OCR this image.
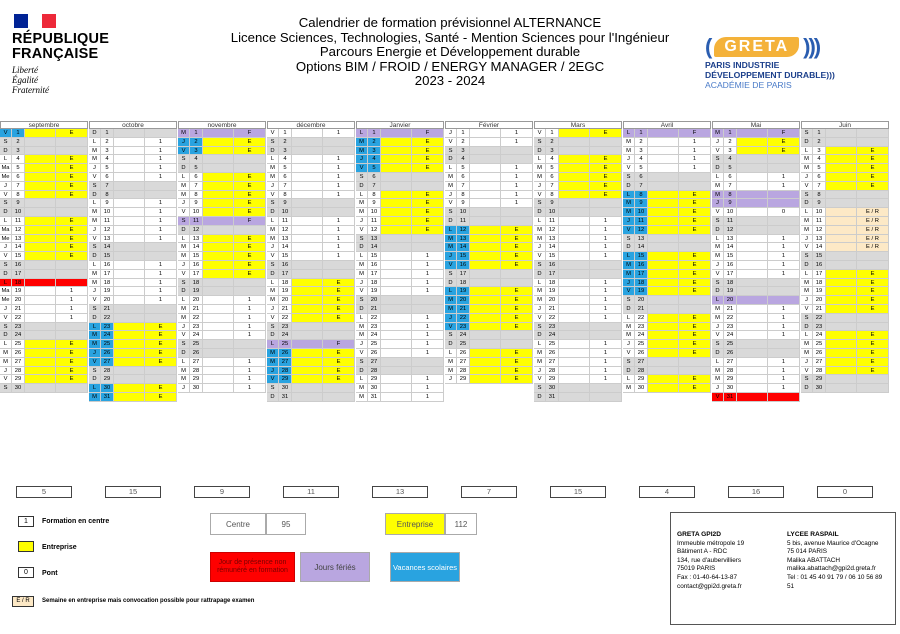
RÉPUBLIQUE
FRANÇAISE
Liberté
Égalité
Fraternité
Calendrier de formation prévisionnel ALTERNANCE
Licence Sciences, Technologies, Santé - Mention Sciences pour l'Ingénieur
Parcours Energie et Développement durable
Options BIM / FROID / ENERGY MANAGER / 2EGC
2023 - 2024
( GRETA )))
PARIS INDUSTRIE
DÉVELOPPEMENT DURABLE)))
ACADÉMIE DE PARIS
septembre
V	1	E
S	2
D	3
L	4	E
Ma	5	E
Me	6	E
J	7	E
V	8	E
S	9
D	10
L	11	E
Ma 12	E
Me 13	E
J	14	E
V	15	E
S	16
D	17
L	18
Ma 19	1
Me 20	1
J	21	1
V	22	1
S	23
D	24
L	25	E
M	26	E
M	27	E
J	28	E
V	29	E
S	30
octobre
D	1
L	2	1
M	3	1
M	4	1
J	5	1
V	6	1
S	7
D	8
L	9	1
M	10	1
M	11	1
J	12	1
V	13	1
S	14
D	15
L	16	1
M	17	1
M	18	1
J	19	1
V	20	1
S	21
D	22
L	23	E
M	24	E
M	25	E
J	26	E
V	27	E
S	28
D	29
L	30	E
M	31	E
novembre
M	1	F
J	2	E
V	3	E
S	4
D	5
L	6	E
M	7	E
M	8	E
J	9	E
V	10	E
S	11	F
D	12
L	13	E
M	14	E
M	15	E
J	16	E
V	17	E
S	18
D	19
L	20	1
M	21	1
M	22	1
J	23	1
V	24	1
S	25
D	26
L	27	1
M	28	1
M	29	1
J	30	1
décembre
V	1	1
S	2
D	3
L	4	1
M	5	1
M	6	1
J	7	1
V	8	1
S	9
D	10
L	11	1
M	12	1
M	13	1
J	14	1
V	15	1
S	16
D	17
L	18	E
M	19	E
M	20	E
J	21	E
V	22	E
S	23
D	24
L	25	F
M	26	E
M	27	E
J	28	E
V	29	E
S	30
D	31
Janvier
L	1	F
M	2	E
M	3	E
J	4	E
V	5	E
S	6
D	7
L	8	E
M	9	E
M	10	E
J	11	E
V	12	E
S	13
D	14
L	15	1
M	16	1
M	17	1
J	18	1
V	19	1
S	20
D	21
L	22	1
M	23	1
M	24	1
J	25	1
V	26	1
S	27
D	28
L	29	1
M	30	1
M	31	1
Février
J	1	1
V	2	1
S	3
D	4
L	5	1
M	6	1
M	7	1
J	8	1
V	9	1
S	10
D	11
L	12	E
M	13	E
M	14	E
J	15	E
V	16	E
S	17
D	18
L	19	E
M	20	E
M	21	E
J	22	E
V	23	E
S	24
D	25
L	26	E
M	27	E
M	28	E
J	29	E
Mars
V	1	E
S	2
D	3
L	4	E
M	5	E
M	6	E
J	7	E
V	8	E
S	9
D	10
L	11	1
M	12	1
M	13	1
J	14	1
V	15	1
S	16
D	17
L	18	1
M	19	1
M	20	1
J	21	1
V	22	1
S	23
D	24
L	25	1
M	26	1
M	27	1
J	28	1
V	29	1
S	30
D	31
Avril
L	1	F
M	2	1
M	3	1
J	4	1
V	5	1
S	6
D	7
L	8	E
M	9	E
M	10	E
J	11	E
V	12	E
S	13
D	14
L	15	E
M	16	E
M	17	E
J	18	E
V	19	E
S	20
D	21
L	22	E
M	23	E
M	24	E
J	25	E
V	26	E
S	27
D	28
L	29	E
M	30	E
Mai
M	1	F
J	2	E
V	3	E
S	4
D	5
L	6	1
M	7	1
M	8
J	9
V	10	0
S	11
D	12
L	13	1
M	14	1
M	15	1
J	16	1
V	17	1
S	18
D	19
L	20
M	21	1
M	22	1
J	23	1
V	24	1
S	25
D	26
L	27	1
M	28	1
M	29	1
J	30	1
V	31
Juin
S	1
D	2
L	3	E
M	4	E
M	5	E
J	6	E
V	7	E
S	8
D	9
L	10	E / R
M	11	E / R
M	12	E / R
J	13	E / R
V	14	E / R
S	15
D	16
L	17	E
M	18	E
M	19	E
J	20	E
V	21	E
S	22
D	23
L	24	E
M	25	E
M	26	E
J	27	E
V	28	E
S	29
D	30
5	15	9	11	13	7	15	4	16	0
1	Formation en centre
Entreprise
0	Pont
E / R	Semaine en entreprise mais convocation possible pour rattrapage examen
Centre	95	Entreprise	112
Jour de présence non rémunéré en formation	Jours fériés	Vacances scolaires
GRETA GPI2D
Immeuble métropole 19
Bâtiment A - RDC
134, rue d'aubervilliers
75019 PARIS
Fax : 01-40-64-13-87
contact@gpi2d.greta.fr
LYCEE RASPAIL
5 bis, avenue Maurice d'Ocagne
75 014 PARIS
Malika ABATTACH
malika.abattach@gpi2d.greta.fr
Tel : 01 45 40 91 79 / 06 10 56 89 51
